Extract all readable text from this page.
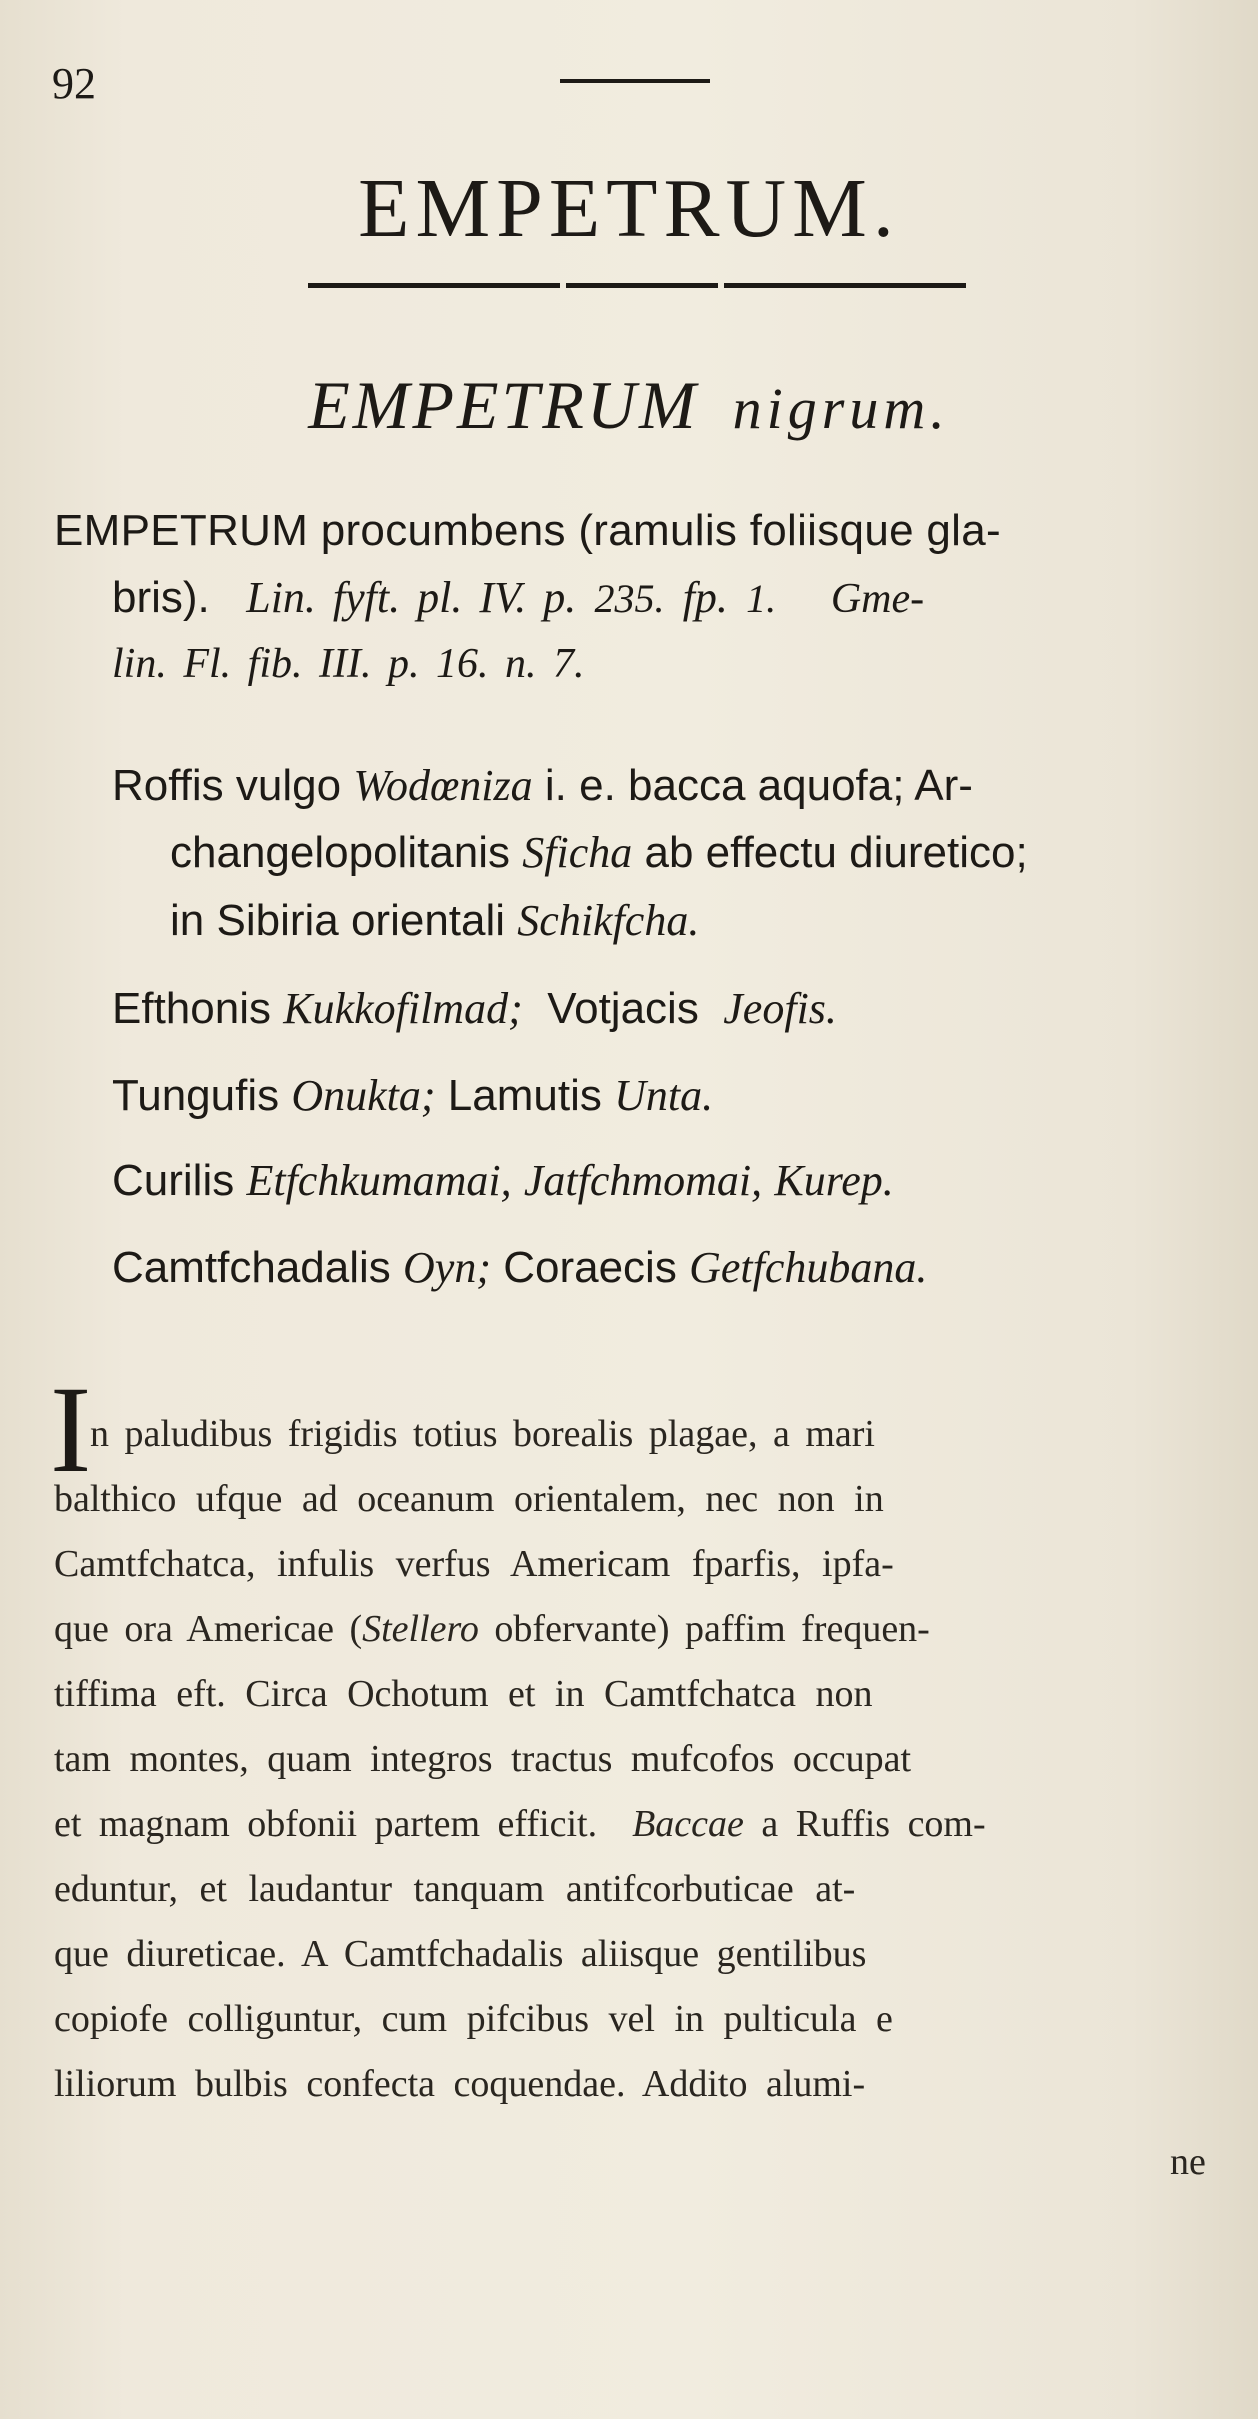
92
EMPETRUM.
EMPETRUM nigrum.
EMPETRUM procumbens (ramulis foliisque gla-
bris). Lin. fyft. pl. IV. p. 235. fp. 1. Gme-
lin. Fl. fib. III. p. 16. n. 7.
Roffis vulgo Wodœniza i. e. bacca aquofa; Ar-
changelopolitanis Sficha ab effectu diuretico;
in Sibiria orientali Schikfcha.
Efthonis Kukkofilmad; Votjacis Jeofis.
Tungufis Onukta; Lamutis Unta.
Curilis Etfchkumamai, Jatfchmomai, Kurep.
Camtfchadalis Oyn; Coraecis Getfchubana.
I
n paludibus frigidis totius borealis plagae, a mari
balthico ufque ad oceanum orientalem, nec non in
Camtfchatca, infulis verfus Americam fparfis, ipfa-
que ora Americae (Stellero obfervante) paffim frequen-
tiffima eft. Circa Ochotum et in Camtfchatca non
tam montes, quam integros tractus mufcofos occupat
et magnam obfonii partem efficit. Baccae a Ruffis com-
eduntur, et laudantur tanquam antifcorbuticae at-
que diureticae. A Camtfchadalis aliisque gentilibus
copiofe colliguntur, cum pifcibus vel in pulticula e
liliorum bulbis confecta coquendae. Addito alumi-
ne
